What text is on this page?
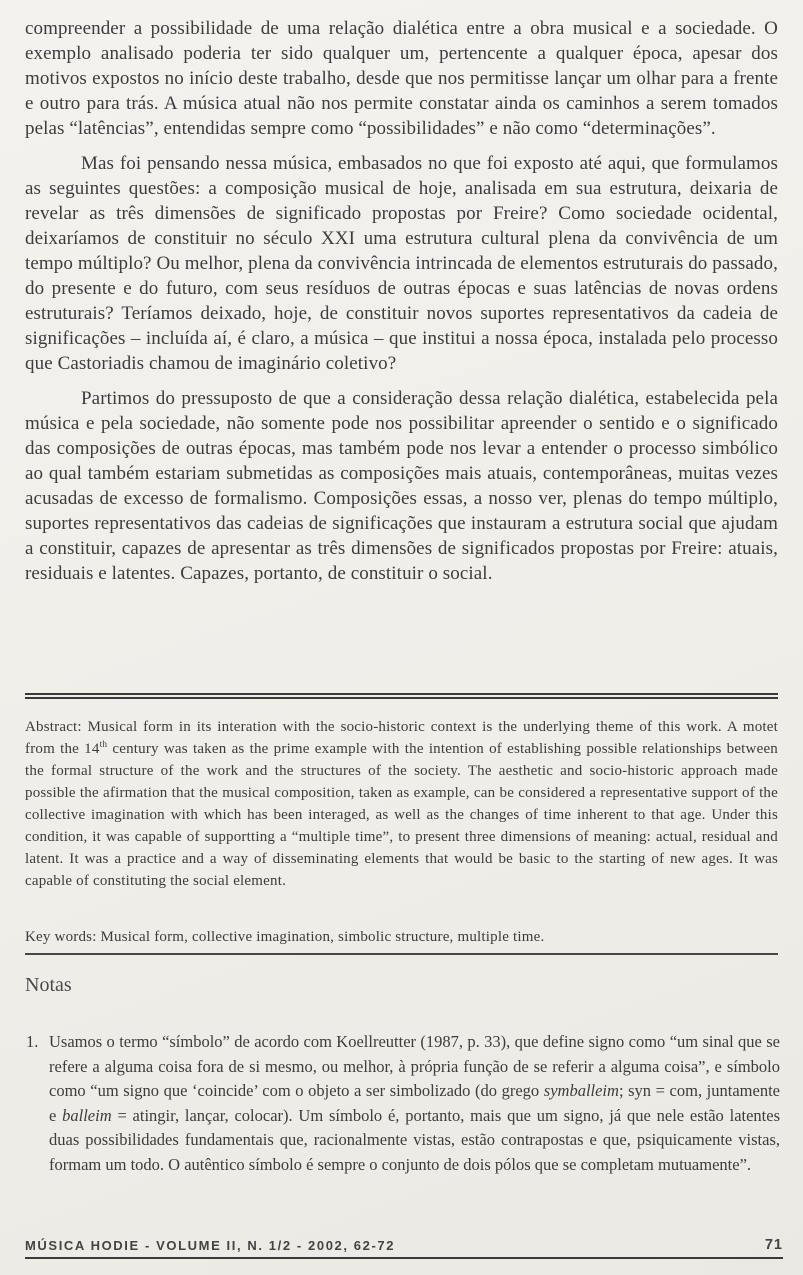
compreender a possibilidade de uma relação dialética entre a obra musical e a sociedade. O exemplo analisado poderia ter sido qualquer um, pertencente a qualquer época, apesar dos motivos expostos no início deste trabalho, desde que nos permitisse lançar um olhar para a frente e outro para trás. A música atual não nos permite constatar ainda os caminhos a serem tomados pelas “latências”, entendidas sempre como “possibilidades” e não como “determinações”.

Mas foi pensando nessa música, embasados no que foi exposto até aqui, que formulamos as seguintes questões: a composição musical de hoje, analisada em sua estrutura, deixaria de revelar as três dimensões de significado propostas por Freire? Como sociedade ocidental, deixaríamos de constituir no século XXI uma estrutura cultural plena da convivência de um tempo múltiplo? Ou melhor, plena da convivência intrincada de elementos estruturais do passado, do presente e do futuro, com seus resíduos de outras épocas e suas latências de novas ordens estruturais? Teríamos deixado, hoje, de constituir novos suportes representativos da cadeia de significações – incluída aí, é claro, a música – que institui a nossa época, instalada pelo processo que Castoriadis chamou de imaginário coletivo?

Partimos do pressuposto de que a consideração dessa relação dialética, estabelecida pela música e pela sociedade, não somente pode nos possibilitar apreender o sentido e o significado das composições de outras épocas, mas também pode nos levar a entender o processo simbólico ao qual também estariam submetidas as composições mais atuais, contemporâneas, muitas vezes acusadas de excesso de formalismo. Composições essas, a nosso ver, plenas do tempo múltiplo, suportes representativos das cadeias de significações que instauram a estrutura social que ajudam a constituir, capazes de apresentar as três dimensões de significados propostas por Freire: atuais, residuais e latentes. Capazes, portanto, de constituir o social.

Abstract: Musical form in its interation with the socio-historic context is the underlying theme of this work. A motet from the 14th century was taken as the prime example with the intention of establishing possible relationships between the formal structure of the work and the structures of the society. The aesthetic and socio-historic approach made possible the afirmation that the musical composition, taken as example, can be considered a representative support of the collective imagination with which has been interaged, as well as the changes of time inherent to that age. Under this condition, it was capable of supportting a “multiple time”, to present three dimensions of meaning: actual, residual and latent. It was a practice and a way of disseminating elements that would be basic to the starting of new ages. It was capable of constituting the social element.

Key words: Musical form, collective imagination, simbolic structure, multiple time.

Notas
1. Usamos o termo “símbolo” de acordo com Koellreutter (1987, p. 33), que define signo como “um sinal que se refere a alguma coisa fora de si mesmo, ou melhor, à própria função de se referir a alguma coisa”, e símbolo como “um signo que ‘coincide’ com o objeto a ser simbolizado (do grego symballeim; syn = com, juntamente e balleim = atingir, lançar, colocar). Um símbolo é, portanto, mais que um signo, já que nele estão latentes duas possibilidades fundamentais que, racionalmente vistas, estão contrapostas e que, psiquicamente vistas, formam um todo. O autêntico símbolo é sempre o conjunto de dois pólos que se completam mutuamente”.

MÚSICA HODIE - VOLUME II, N. 1/2 - 2002, 62-72	71
